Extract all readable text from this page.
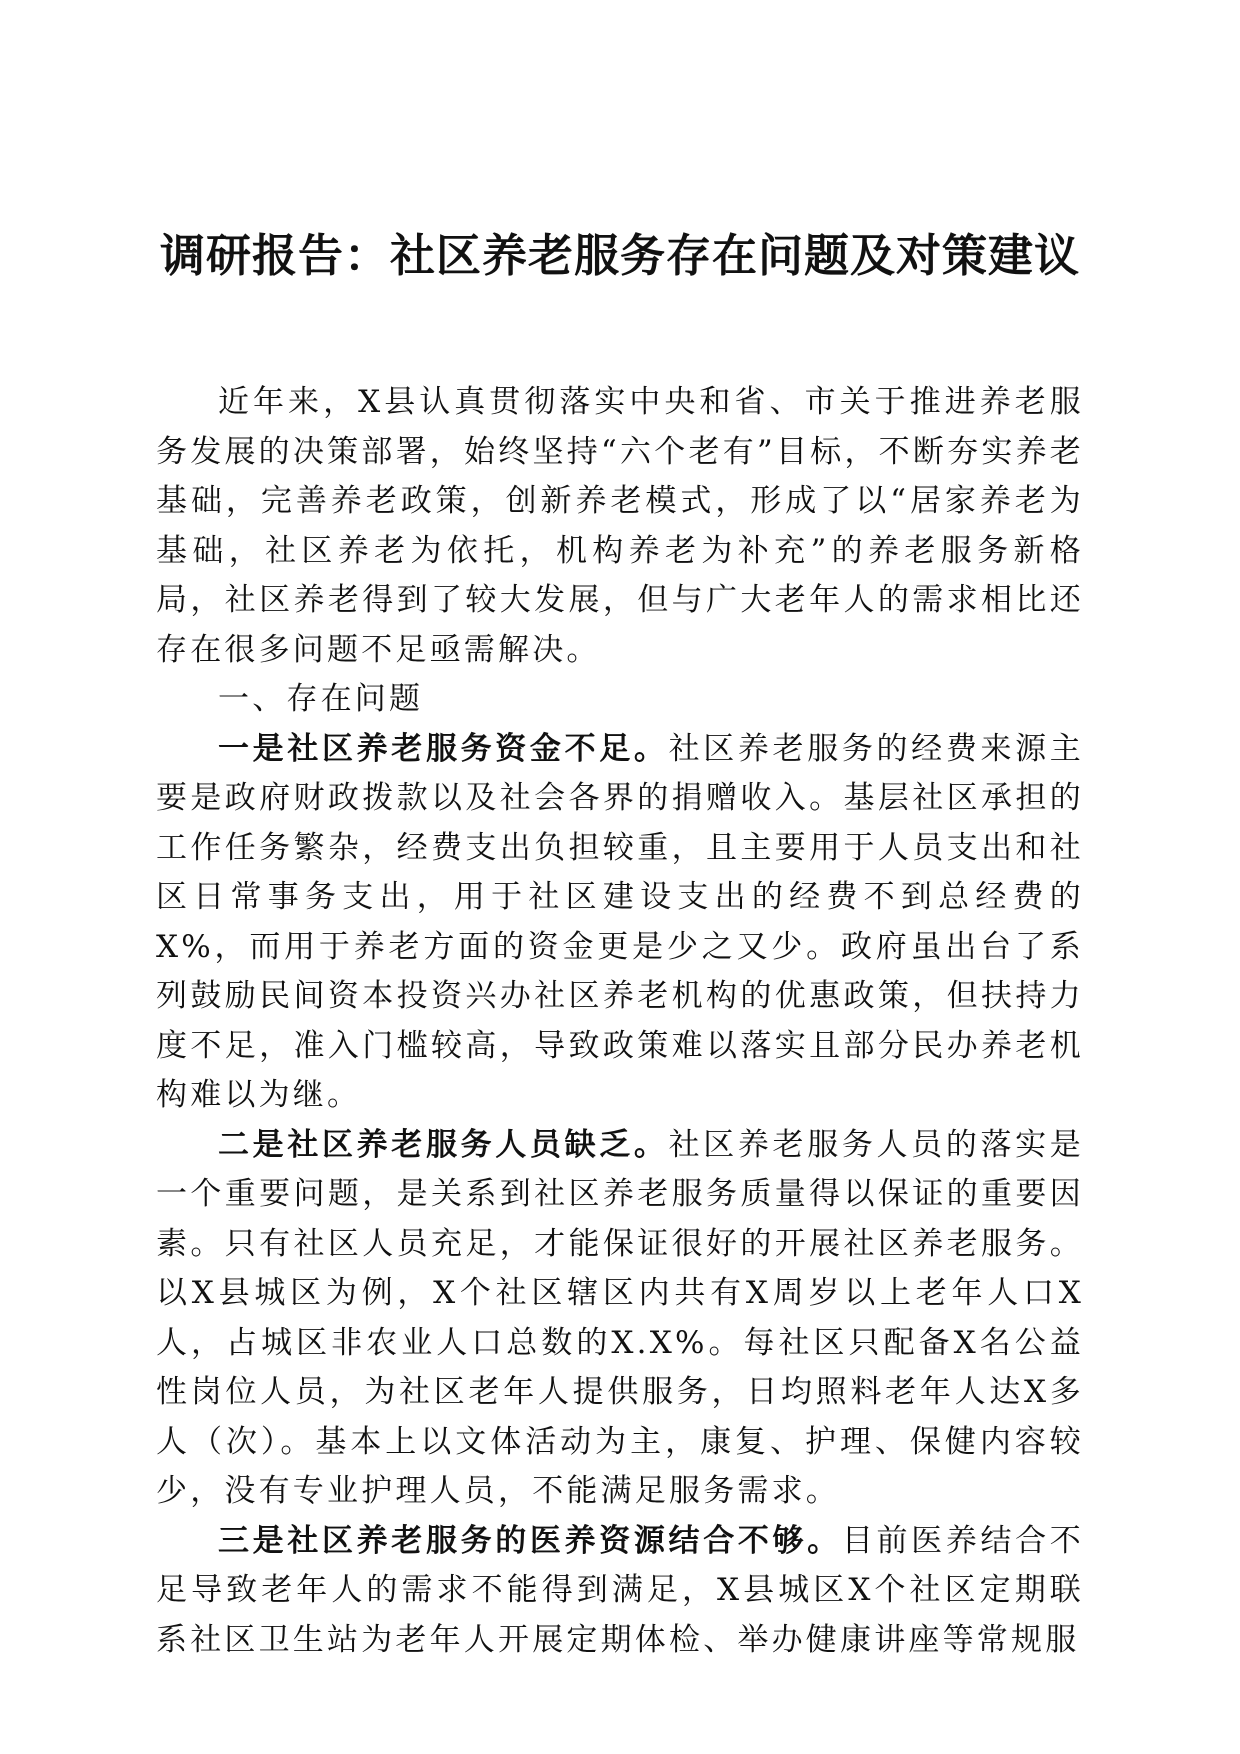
调研报告：社区养老服务存在问题及对策建议

近年来，X县认真贯彻落实中央和省、市关于推进养老服务发展的决策部署，始终坚持“六个老有”目标，不断夯实养老基础，完善养老政策，创新养老模式，形成了以“居家养老为基础，社区养老为依托，机构养老为补充”的养老服务新格局，社区养老得到了较大发展，但与广大老年人的需求相比还存在很多问题不足亟需解决。

一、存在问题

一是社区养老服务资金不足。社区养老服务的经费来源主要是政府财政拨款以及社会各界的捐赠收入。基层社区承担的工作任务繁杂，经费支出负担较重，且主要用于人员支出和社区日常事务支出，用于社区建设支出的经费不到总经费的X%，而用于养老方面的资金更是少之又少。政府虽出台了系列鼓励民间资本投资兴办社区养老机构的优惠政策，但扶持力度不足，准入门槛较高，导致政策难以落实且部分民办养老机构难以为继。

二是社区养老服务人员缺乏。社区养老服务人员的落实是一个重要问题，是关系到社区养老服务质量得以保证的重要因素。只有社区人员充足，才能保证很好的开展社区养老服务。以X县城区为例，X个社区辖区内共有X周岁以上老年人口X人，占城区非农业人口总数的X.X%。每社区只配备X名公益性岗位人员，为社区老年人提供服务，日均照料老年人达X多人（次）。基本上以文体活动为主，康复、护理、保健内容较少，没有专业护理人员，不能满足服务需求。

三是社区养老服务的医养资源结合不够。目前医养结合不足导致老年人的需求不能得到满足，X县城区X个社区定期联系社区卫生站为老年人开展定期体检、举办健康讲座等常规服
